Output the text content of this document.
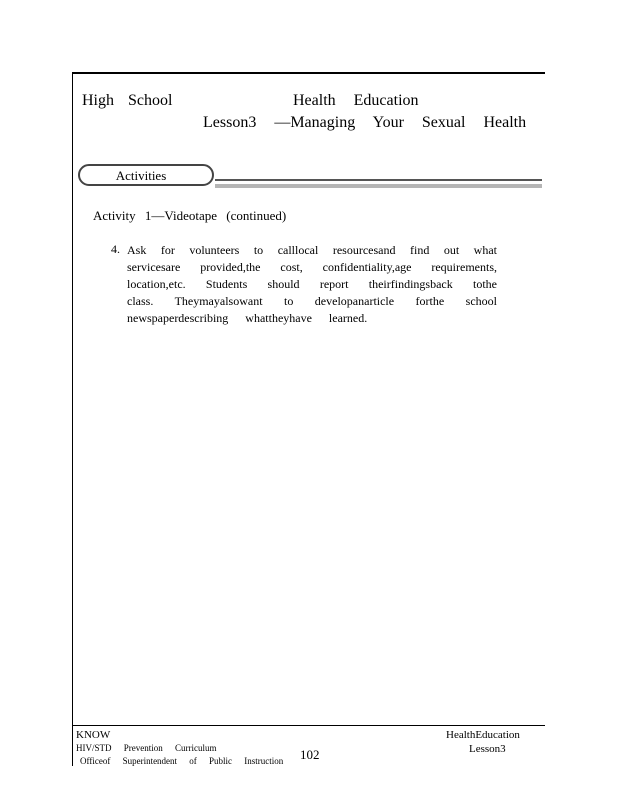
High School	Health Education
Lesson3 —Managing Your Sexual Health
Activities
Activity 1—Videotape (continued)
4. Ask for volunteers to calllocal resourcesand find out what
servicesare provided,the cost, confidentiality,age requirements,
location,etc. Students should report theirfindingsback tothe
class. Theymayalsowant to developanarticle forthe school
newspaperdescribing whattheyhave learned.
KNOW
HIV/STD Prevention Curriculum
Officeof Superintendent of Public Instruction 102
HealthEducation
Lesson3
